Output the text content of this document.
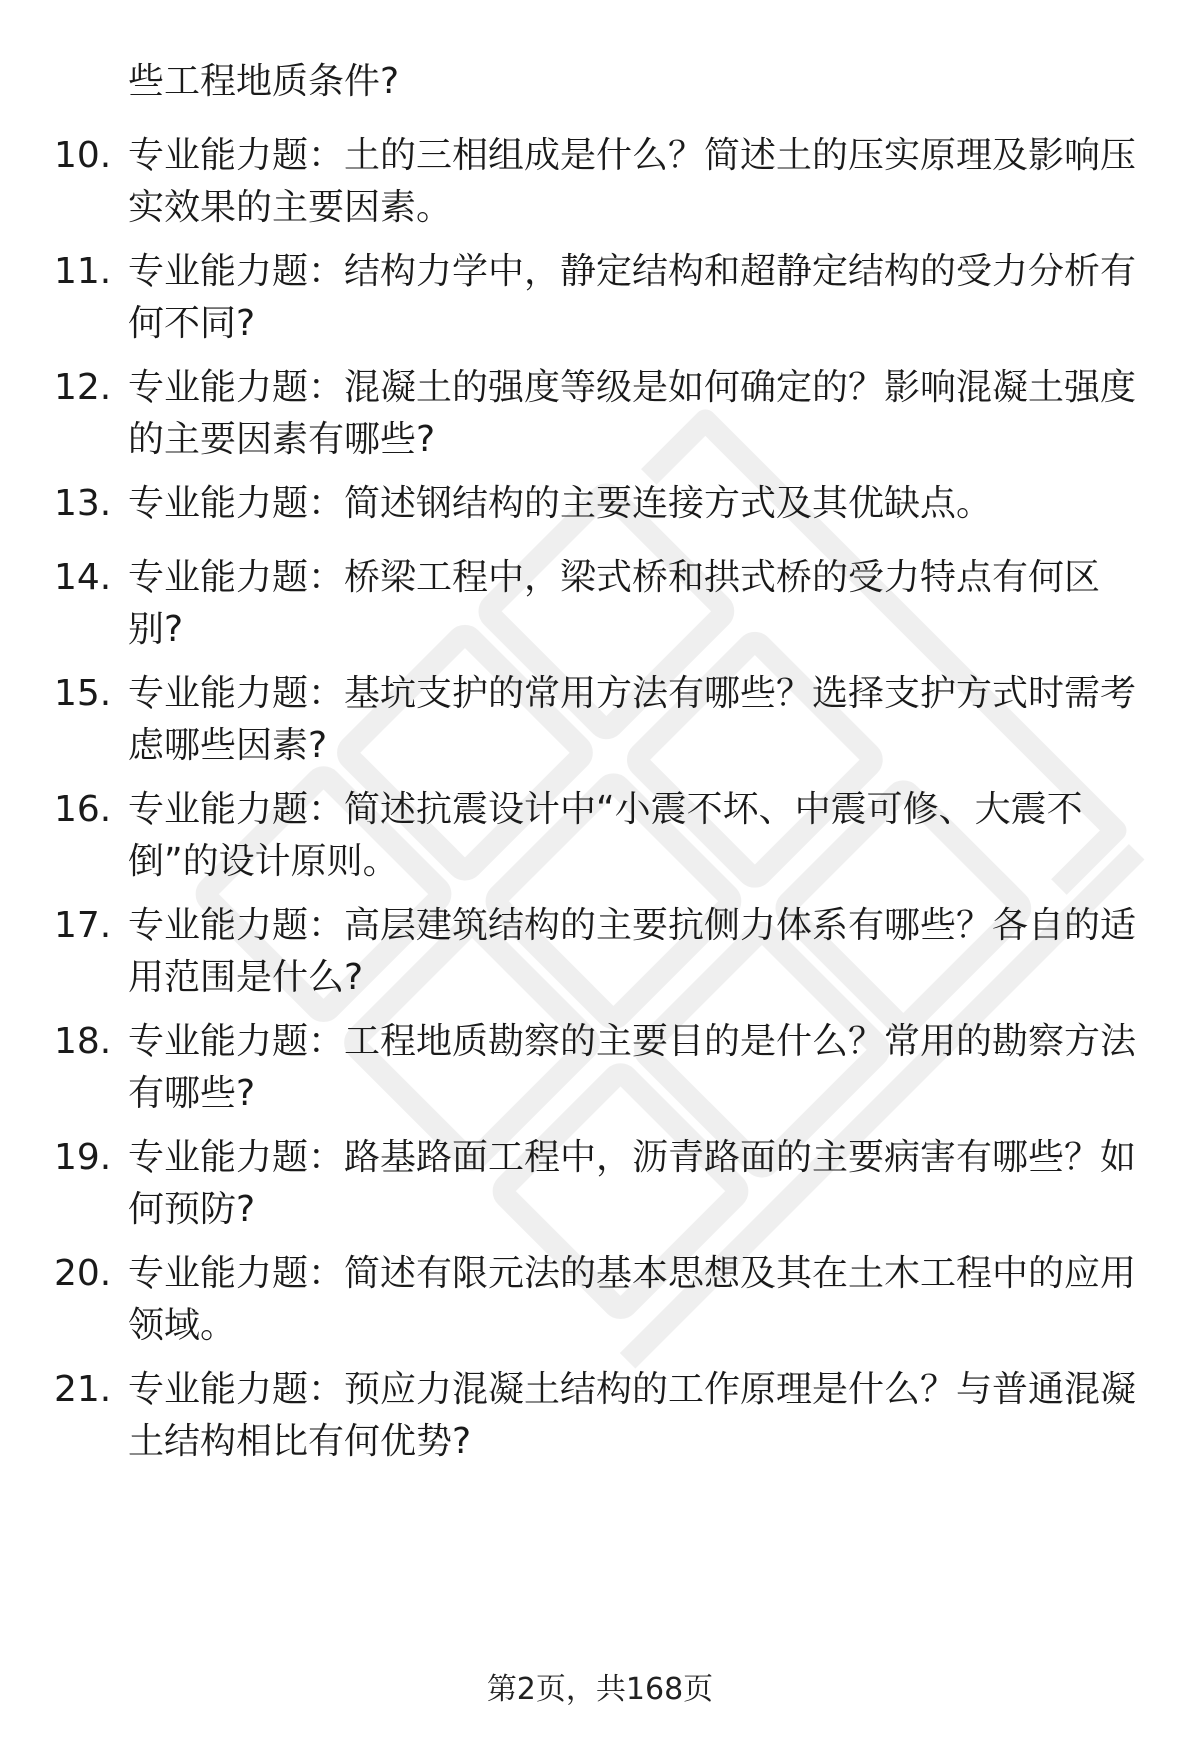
些工程地质条件?
10. 专业能力题：土的三相组成是什么？简述土的压实原理及影响压
实效果的主要因素。
11. 专业能力题：结构力学中，静定结构和超静定结构的受力分析有
何不同?
12. 专业能力题：混凝土的强度等级是如何确定的？影响混凝土强度
的主要因素有哪些?
13. 专业能力题：简述钢结构的主要连接方式及其优缺点。
14. 专业能力题：桥梁工程中，梁式桥和拱式桥的受力特点有何区
别?
15. 专业能力题：基坑支护的常用方法有哪些？选择支护方式时需考
虑哪些因素?
16. 专业能力题：简述抗震设计中“小震不坏、中震可修、大震不
倒”的设计原则。
17. 专业能力题：高层建筑结构的主要抗侧力体系有哪些？各自的适
用范围是什么?
18. 专业能力题：工程地质勘察的主要目的是什么？常用的勘察方法
有哪些?
19. 专业能力题：路基路面工程中，沥青路面的主要病害有哪些？如
何预防?
20. 专业能力题：简述有限元法的基本思想及其在土木工程中的应用
领域。
21. 专业能力题：预应力混凝土结构的工作原理是什么？与普通混凝
土结构相比有何优势?
第2页，共168页
